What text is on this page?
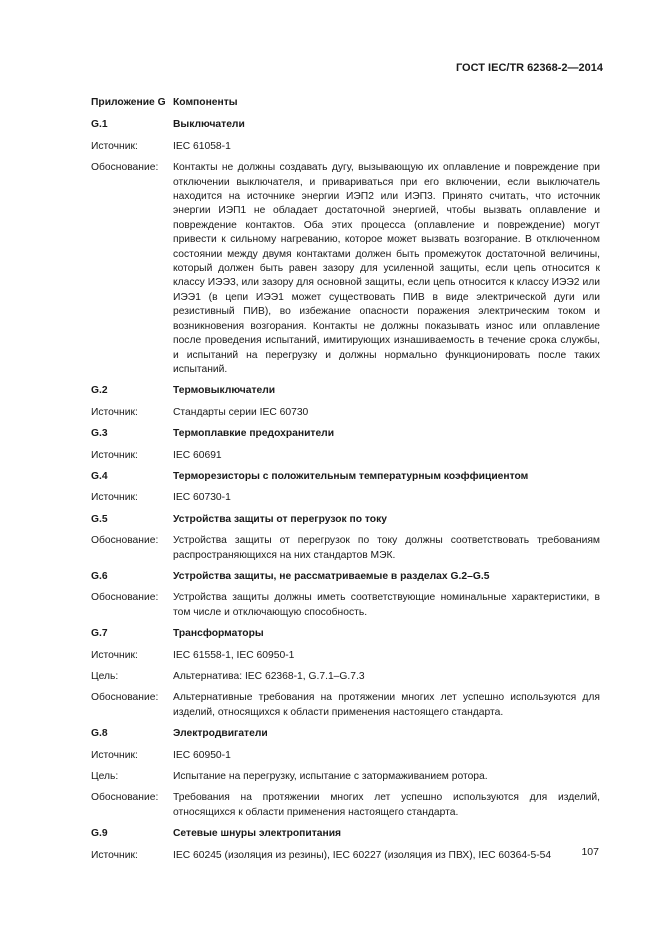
ГОСТ IEC/TR 62368-2—2014
Приложение G Компоненты
G.1	Выключатели
Источник:	IEC 61058-1
Обоснование:	Контакты не должны создавать дугу, вызывающую их оплавление и повреждение при отключении выключателя, и привариваться при его включении, если выключатель находится на источнике энергии ИЭП2 или ИЭП3. Принято считать, что источник энергии ИЭП1 не обладает достаточной энергией, чтобы вызвать оплавление и повреждение контактов. Оба этих процесса (оплавление и повреждение) могут привести к сильному нагреванию, которое может вызвать возгорание. В отключенном состоянии между двумя контактами должен быть промежуток достаточной величины, который должен быть равен зазору для усиленной защиты, если цепь относится к классу ИЭЭ3, или зазору для основной защиты, если цепь относится к классу ИЭЭ2 или ИЭЭ1 (в цепи ИЭЭ1 может существовать ПИВ в виде электрической дуги или резистивный ПИВ), во избежание опасности поражения электрическим током и возникновения возгорания. Контакты не должны показывать износ или оплавление после проведения испытаний, имитирующих изнашиваемость в течение срока службы, и испытаний на перегрузку и должны нормально функционировать после таких испытаний.
G.2	Термовыключатели
Источник:	Стандарты серии IEC 60730
G.3	Термоплавкие предохранители
Источник:	IEC 60691
G.4	Терморезисторы с положительным температурным коэффициентом
Источник:	IEC 60730-1
G.5	Устройства защиты от перегрузок по току
Обоснование:	Устройства защиты от перегрузок по току должны соответствовать требованиям распространяющихся на них стандартов МЭК.
G.6	Устройства защиты, не рассматриваемые в разделах G.2–G.5
Обоснование:	Устройства защиты должны иметь соответствующие номинальные характеристики, в том числе и отключающую способность.
G.7	Трансформаторы
Источник:	IEC 61558-1, IEC 60950-1
Цель:	Альтернатива: IEC 62368-1, G.7.1–G.7.3
Обоснование:	Альтернативные требования на протяжении многих лет успешно используются для изделий, относящихся к области применения настоящего стандарта.
G.8	Электродвигатели
Источник:	IEC 60950-1
Цель:	Испытание на перегрузку, испытание с затормаживанием ротора.
Обоснование:	Требования на протяжении многих лет успешно используются для изделий, относящихся к области применения настоящего стандарта.
G.9	Сетевые шнуры электропитания
Источник:	IEC 60245 (изоляция из резины), IEC 60227 (изоляция из ПВХ), IEC 60364-5-54	107
